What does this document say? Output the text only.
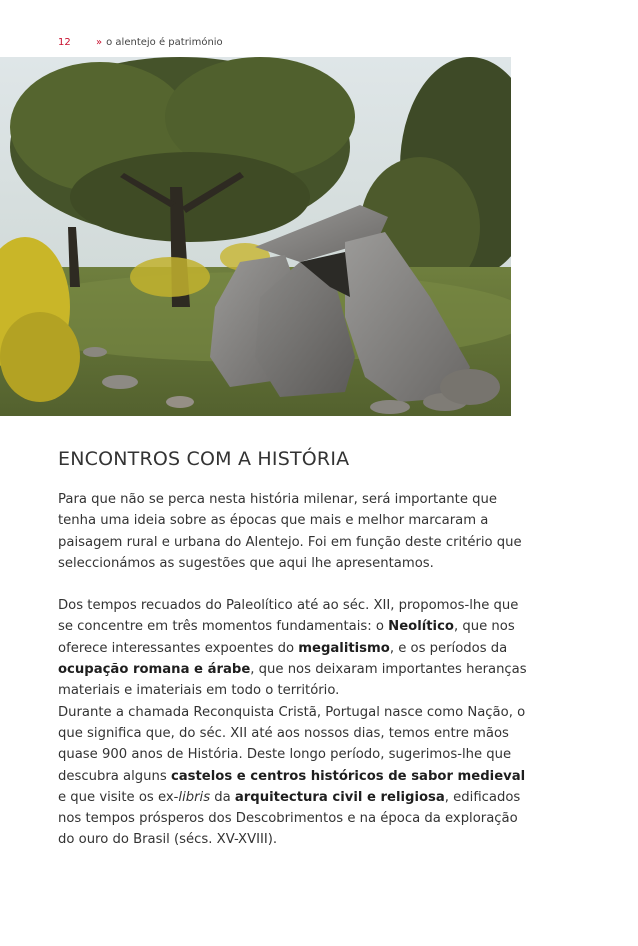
12	» o alentejo é património
ENCONTROS COM A HISTÓRIA

Para que não se perca nesta história milenar, será importante que tenha uma ideia sobre as épocas que mais e melhor marcaram a paisagem rural e urbana do Alentejo. Foi em função deste critério que seleccionámos as sugestões que aqui lhe apresentamos.

Dos tempos recuados do Paleolítico até ao séc. XII, propomos-lhe que se concentre em três momentos fundamentais: o Neolítico, que nos oferece interessantes expoentes do megalitismo, e os períodos da ocupação romana e árabe, que nos deixaram importantes heranças materiais e imateriais em todo o território.

Durante a chamada Reconquista Cristã, Portugal nasce como Nação, o que significa que, do séc. XII até aos nossos dias, temos entre mãos quase 900 anos de História. Deste longo período, sugerimos-lhe que descubra alguns castelos e centros históricos de sabor medieval e que visite os ex-libris da arquitectura civil e religiosa, edificados nos tempos prósperos dos Descobrimentos e na época da exploração do ouro do Brasil (sécs. XV-XVIII).
